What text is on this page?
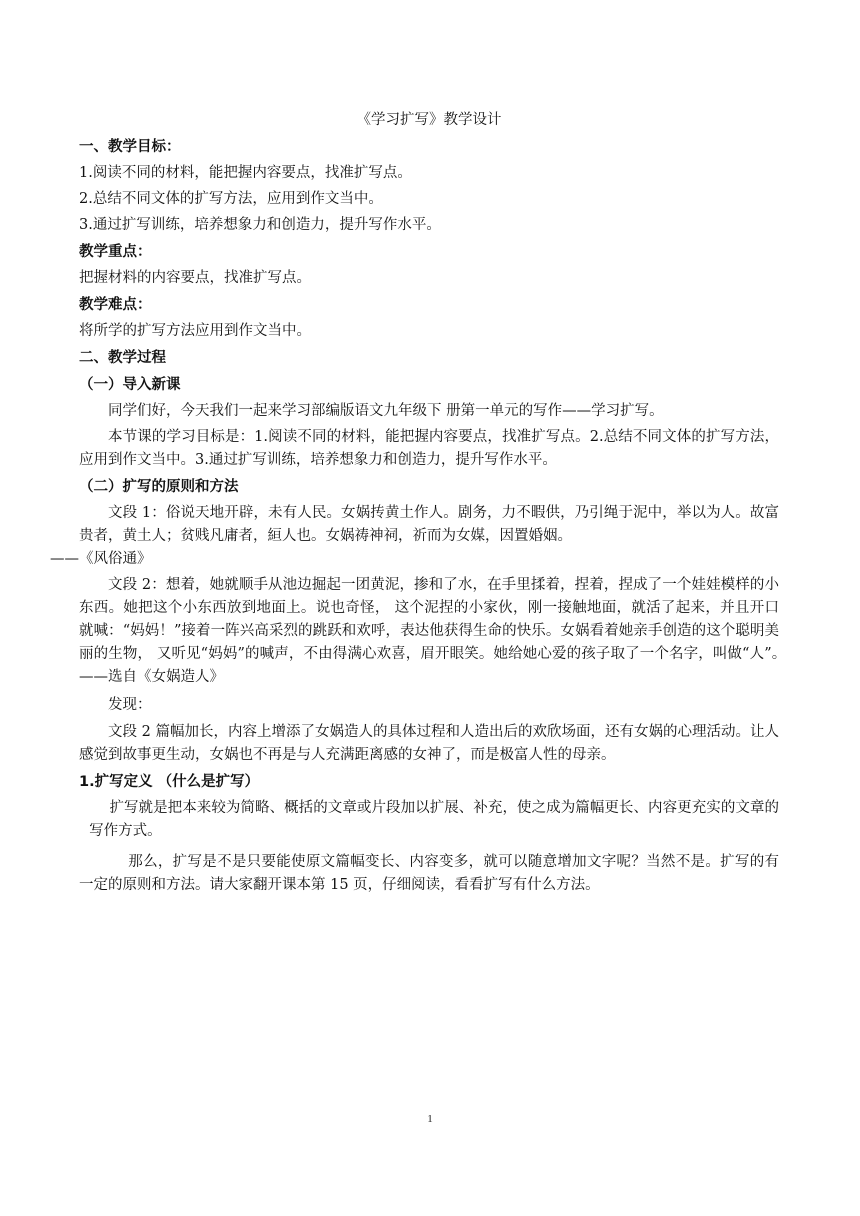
《学习扩写》教学设计
一、教学目标：
1.阅读不同的材料，能把握内容要点，找准扩写点。
2.总结不同文体的扩写方法，应用到作文当中。
3.通过扩写训练，培养想象力和创造力，提升写作水平。
教学重点：
把握材料的内容要点，找准扩写点。
教学难点：
将所学的扩写方法应用到作文当中。
二、教学过程
（一）导入新课
同学们好，今天我们一起来学习部编版语文九年级下 册第一单元的写作——学习扩写。
本节课的学习目标是：1.阅读不同的材料，能把握内容要点，找准扩写点。2.总结不同文体的扩写方法，应用到作文当中。3.通过扩写训练，培养想象力和创造力，提升写作水平。
（二）扩写的原则和方法
文段 1：俗说天地开辟，未有人民。女娲抟黄土作人。剧务，力不暇供，乃引绳于泥中，举以为人。故富贵者，黄土人；贫贱凡庸者，絙人也。女娲祷神祠，祈而为女媒，因置婚姻。
——《风俗通》
文段 2：想着，她就顺手从池边掘起一团黄泥，掺和了水，在手里揉着，捏着，捏成了一个娃娃模样的小东西。她把这个小东西放到地面上。说也奇怪， 这个泥捏的小家伙，刚一接触地面，就活了起来，并且开口就喊：“妈妈！”接着一阵兴高采烈的跳跃和欢呼，表达他获得生命的快乐。女娲看着她亲手创造的这个聪明美丽的生物， 又听见“妈妈”的喊声，不由得满心欢喜，眉开眼笑。她给她心爱的孩子取了一个名字，叫做“人”。　　 ——选自《女娲造人》
发现：
文段 2 篇幅加长，内容上增添了女娲造人的具体过程和人造出后的欢欣场面，还有女娲的心理活动。让人感觉到故事更生动，女娲也不再是与人充满距离感的女神了，而是极富人性的母亲。
1.扩写定义 （什么是扩写）
扩写就是把本来较为简略、概括的文章或片段加以扩展、补充，使之成为篇幅更长、内容更充实的文章的写作方式。
那么，扩写是不是只要能使原文篇幅变长、内容变多，就可以随意增加文字呢？当然不是。扩写的有一定的原则和方法。请大家翻开课本第 15 页，仔细阅读，看看扩写有什么方法。
1
